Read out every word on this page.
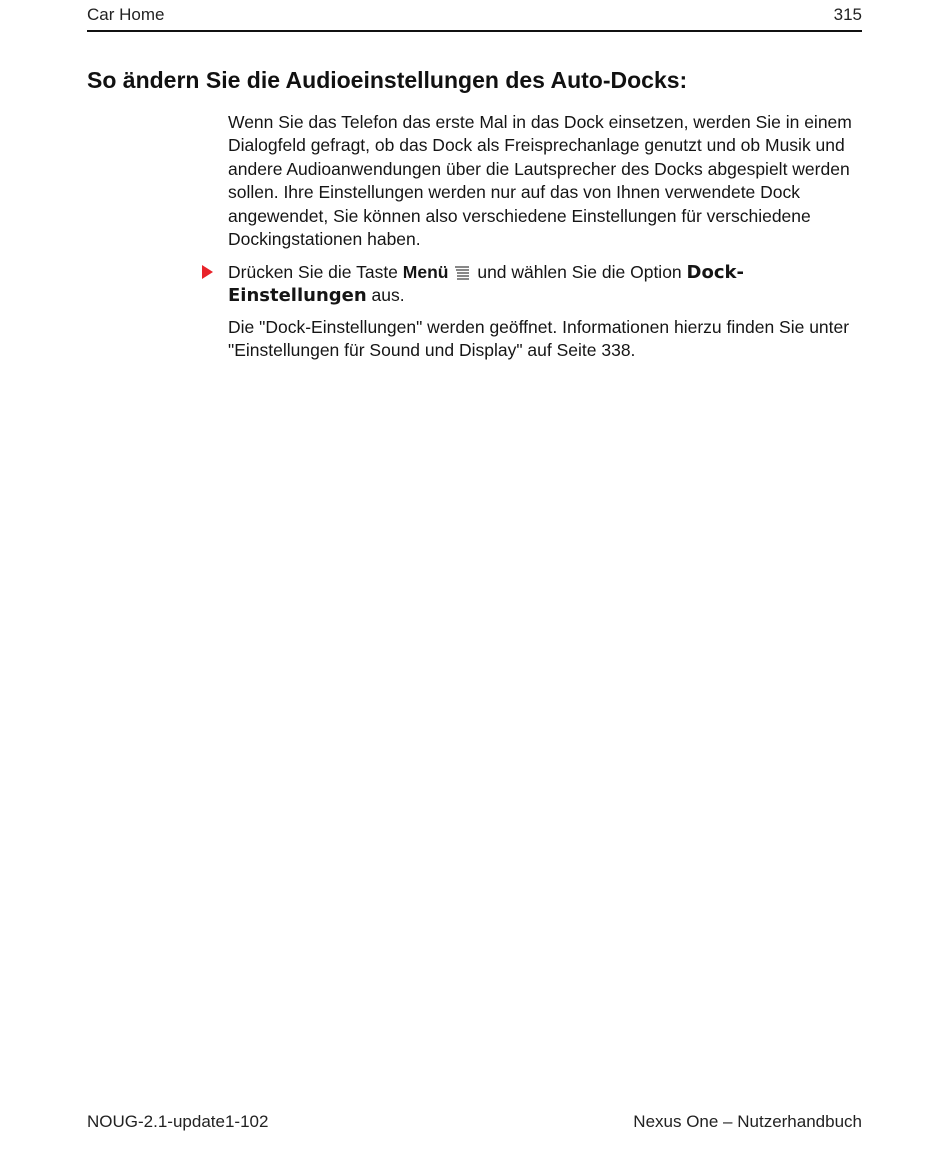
Car Home	315
So ändern Sie die Audioeinstellungen des Auto-Docks:

Wenn Sie das Telefon das erste Mal in das Dock einsetzen, werden Sie in einem Dialogfeld gefragt, ob das Dock als Freisprechanlage genutzt und ob Musik und andere Audioanwendungen über die Lautsprecher des Docks abgespielt werden sollen. Ihre Einstellungen werden nur auf das von Ihnen verwendete Dock angewendet, Sie können also verschiedene Einstellungen für verschiedene Dockingstationen haben.

Drücken Sie die Taste Menü und wählen Sie die Option Dock-Einstellungen aus.

Die "Dock-Einstellungen" werden geöffnet. Informationen hierzu finden Sie unter "Einstellungen für Sound und Display" auf Seite 338.

NOUG-2.1-update1-102	Nexus One – Nutzerhandbuch
